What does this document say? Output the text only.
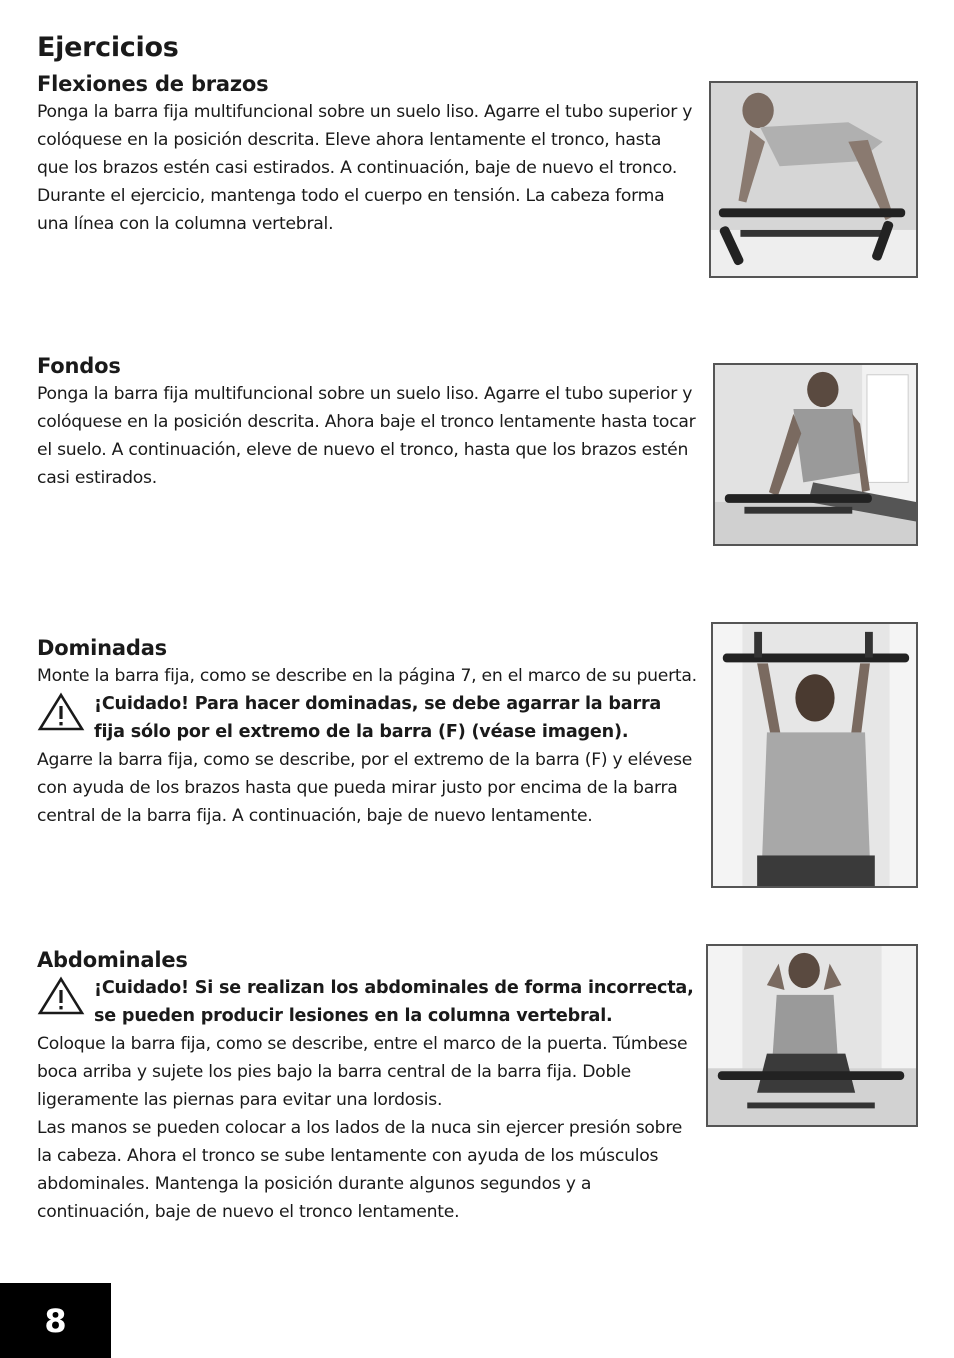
Ejercicios
Flexiones de brazos

Ponga la barra fija multifuncional sobre un suelo liso. Agarre el tubo superior y colóquese en la posición descrita. Eleve ahora lentamente el tronco, hasta que los brazos estén casi estirados. A continuación, baje de nuevo el tronco. Durante el ejercicio, mantenga todo el cuerpo en tensión. La cabeza forma una línea con la columna vertebral.

Fondos

Ponga la barra fija multifuncional sobre un suelo liso. Agarre el tubo superior y colóquese en la posición descrita. Ahora baje el tronco lentamente hasta tocar el suelo. A continuación, eleve de nuevo el tronco, hasta que los brazos estén casi estirados.

Dominadas

Monte la barra fija, como se describe en la página 7, en el marco de su puerta.

¡Cuidado! Para hacer dominadas, se debe agarrar la barra fija sólo por el extremo de la barra (F) (véase imagen).

Agarre la barra fija, como se describe, por el extremo de la barra (F) y elévese con ayuda de los brazos hasta que pueda mirar justo por encima de la barra central de la barra fija. A continuación, baje de nuevo lentamente.

Abdominales
¡Cuidado! Si se realizan los abdominales de forma incorrecta, se pueden producir lesiones en la columna vertebral.

Coloque la barra fija, como se describe, entre el marco de la puerta. Túmbese boca arriba y sujete los pies bajo la barra central de la barra fija. Doble ligeramente las piernas para evitar una lordosis.

Las manos se pueden colocar a los lados de la nuca sin ejercer presión sobre la cabeza. Ahora el tronco se sube lentamente con ayuda de los músculos abdominales. Mantenga la posición durante algunos segundos y a continuación, baje de nuevo el tronco lentamente.

8
